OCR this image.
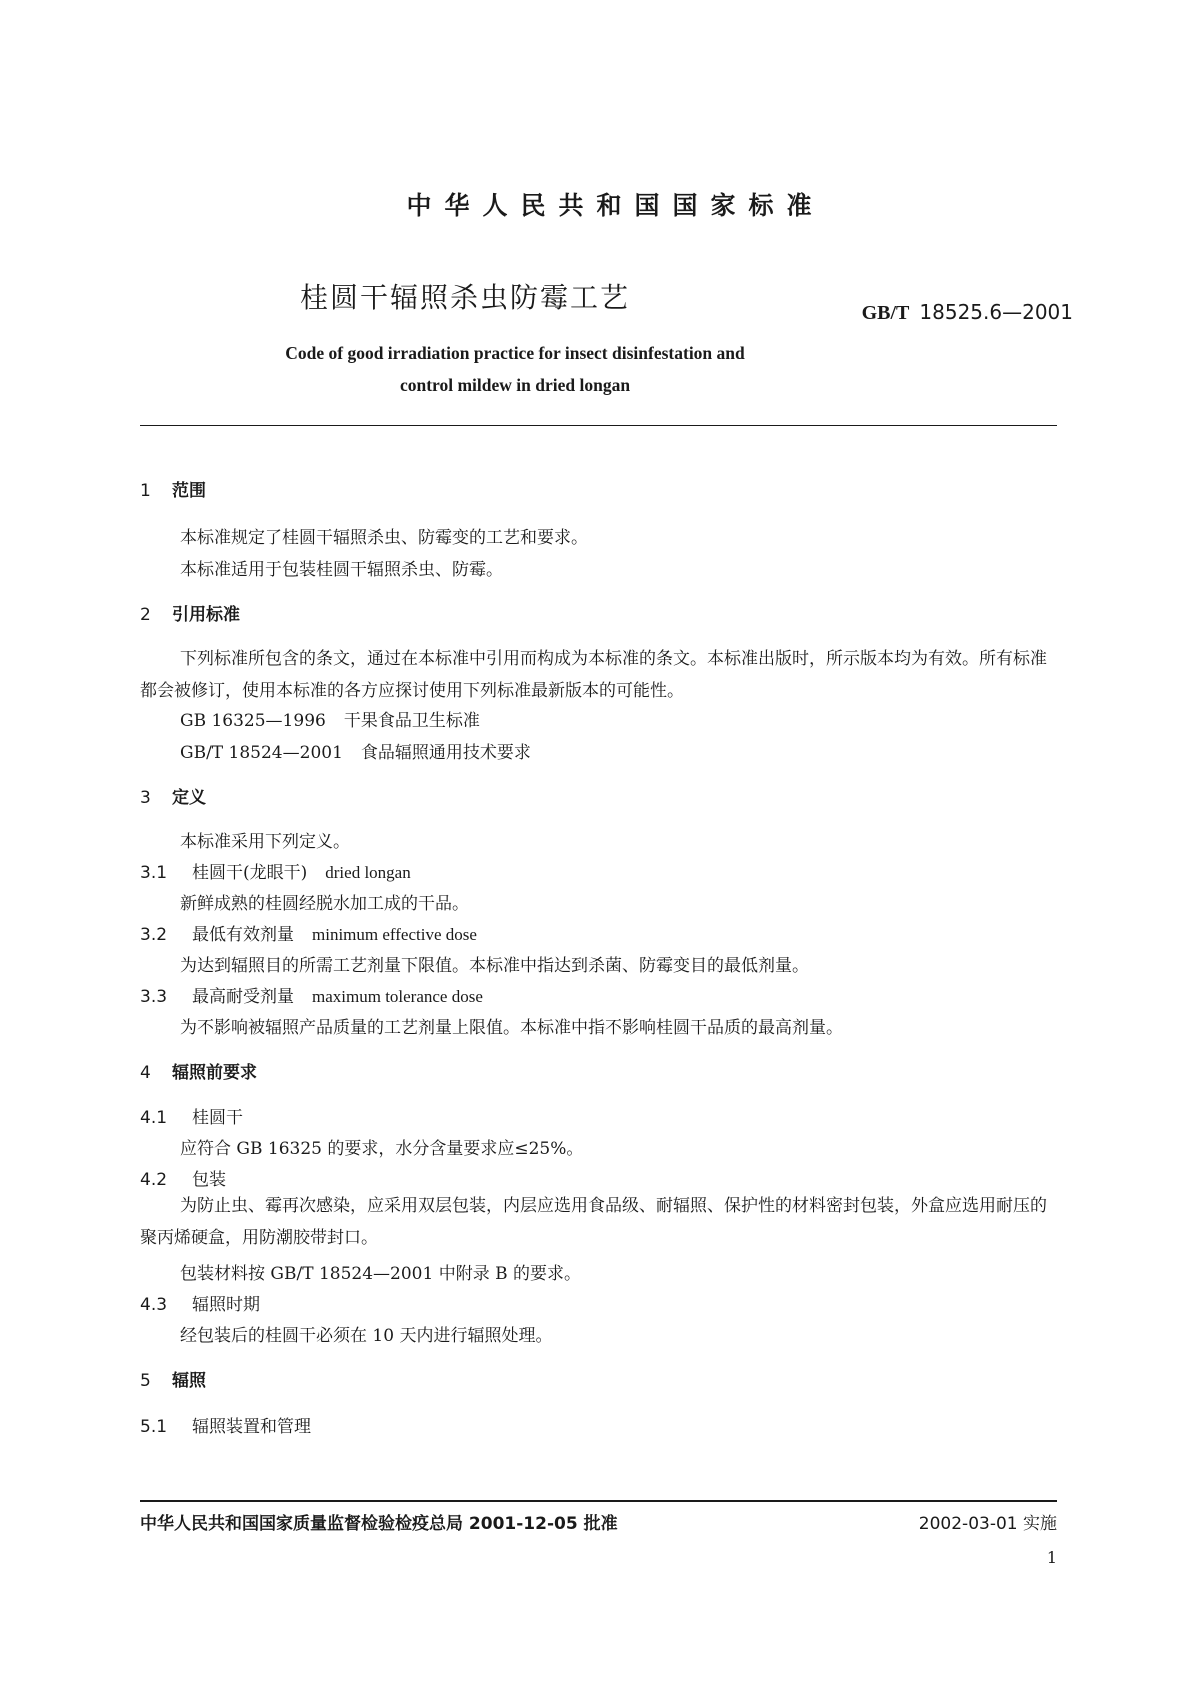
中华人民共和国国家标准
桂圆干辐照杀虫防霉工艺	GB/T 18525.6—2001
Code of good irradiation practice for insect disinfestation and
control mildew in dried longan
1 范围
本标准规定了桂圆干辐照杀虫、防霉变的工艺和要求。
本标准适用于包装桂圆干辐照杀虫、防霉。
2 引用标准
下列标准所包含的条文，通过在本标准中引用而构成为本标准的条文。本标准出版时，所示版本均为有效。所有标准都会被修订，使用本标准的各方应探讨使用下列标准最新版本的可能性。
GB 16325—1996 干果食品卫生标准
GB/T 18524—2001 食品辐照通用技术要求
3 定义
本标准采用下列定义。
3.1 桂圆干(龙眼干) dried longan
新鲜成熟的桂圆经脱水加工成的干品。
3.2 最低有效剂量 minimum effective dose
为达到辐照目的所需工艺剂量下限值。本标准中指达到杀菌、防霉变目的最低剂量。
3.3 最高耐受剂量 maximum tolerance dose
为不影响被辐照产品质量的工艺剂量上限值。本标准中指不影响桂圆干品质的最高剂量。
4 辐照前要求
4.1 桂圆干
应符合 GB 16325 的要求，水分含量要求应≤25%。
4.2 包装
为防止虫、霉再次感染，应采用双层包装，内层应选用食品级、耐辐照、保护性的材料密封包装，外盒应选用耐压的聚丙烯硬盒，用防潮胶带封口。
包装材料按 GB/T 18524—2001 中附录 B 的要求。
4.3 辐照时期
经包装后的桂圆干必须在 10 天内进行辐照处理。
5 辐照
5.1 辐照装置和管理
中华人民共和国国家质量监督检验检疫总局 2001-12-05 批准	2002-03-01 实施
1
